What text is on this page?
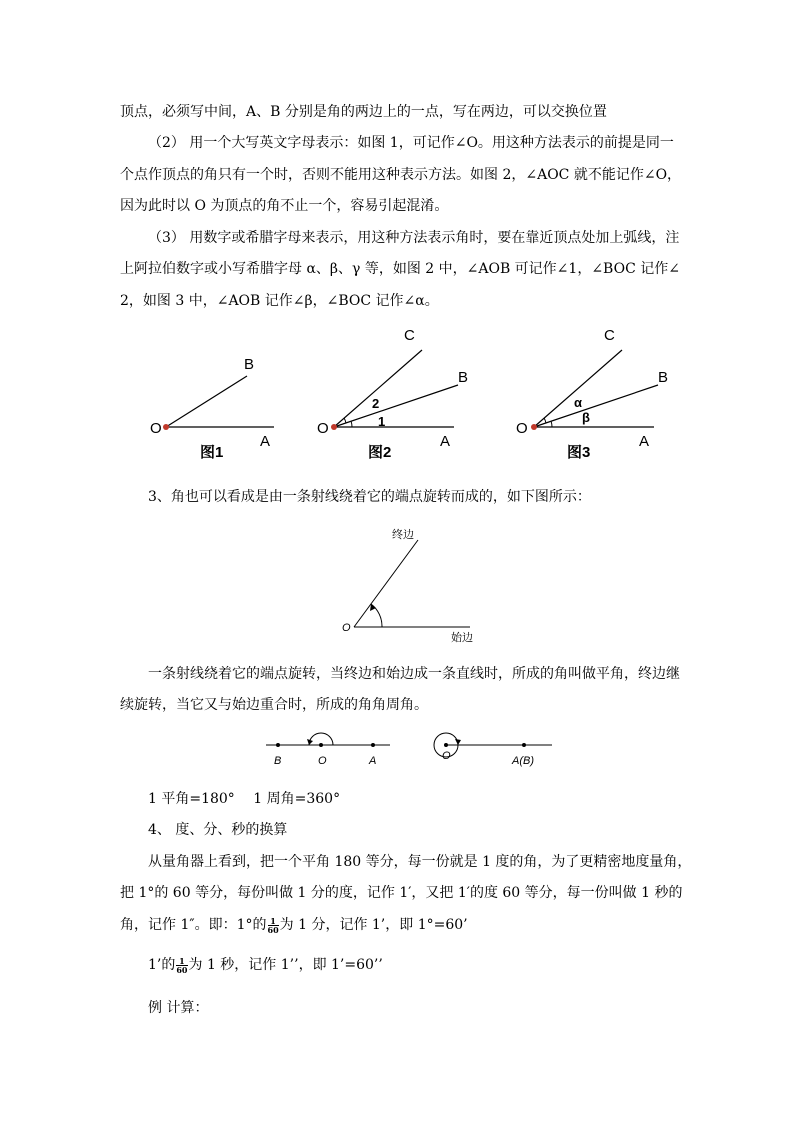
顶点，必须写中间，A、B 分别是角的两边上的一点，写在两边，可以交换位置
（2） 用一个大写英文字母表示：如图 1，可记作∠O。用这种方法表示的前提是同一
个点作顶点的角只有一个时，否则不能用这种表示方法。如图 2，∠AOC 就不能记作∠O，
因为此时以 O 为顶点的角不止一个，容易引起混淆。
（3） 用数字或希腊字母来表示，用这种方法表示角时，要在靠近顶点处加上弧线，注
上阿拉伯数字或小写希腊字母 α、β、γ 等，如图 2 中，∠AOB 可记作∠1，∠BOC 记作∠
2，如图 3 中，∠AOB 记作∠β，∠BOC 记作∠α。
O
A
B
图1
O
A
B
C
1
2
图2
O
A
B
C
α
β
图3
3、角也可以看成是由一条射线绕着它的端点旋转而成的，如下图所示：
终边
始边
O
一条射线绕着它的端点旋转，当终边和始边成一条直线时，所成的角叫做平角，终边继
续旋转，当它又与始边重合时，所成的角角周角。
B	O	A	O	A(B)
1 平角=180°　 1 周角=360°
4、 度、分、秒的换算
从量角器上看到，把一个平角 180 等分，每一份就是 1 度的角，为了更精密地度量角，
把 1°的 60 等分，每份叫做 1 分的度，记作 1′，又把 1′的度 60 等分，每一份叫做 1 秒的
角，记作 1″。即：1°的 $\frac{1}{60}$ 为 1 分，记作 1’，即 1°=60’
1’的 $\frac{1}{60}$ 为 1 秒，记作 1’’，即 1’=60’’
例 计算：
